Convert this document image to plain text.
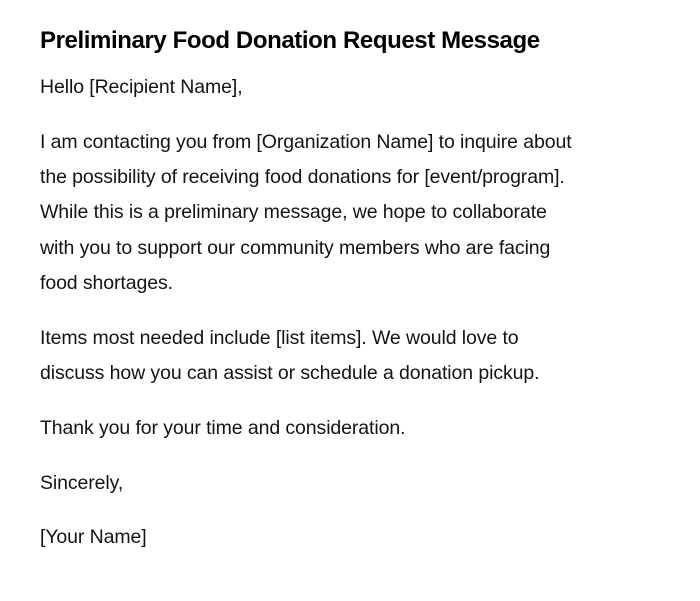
Preliminary Food Donation Request Message

Hello [Recipient Name],

I am contacting you from [Organization Name] to inquire about
the possibility of receiving food donations for [event/program].
While this is a preliminary message, we hope to collaborate
with you to support our community members who are facing
food shortages.

Items most needed include [list items]. We would love to
discuss how you can assist or schedule a donation pickup.

Thank you for your time and consideration.

Sincerely,

[Your Name]
